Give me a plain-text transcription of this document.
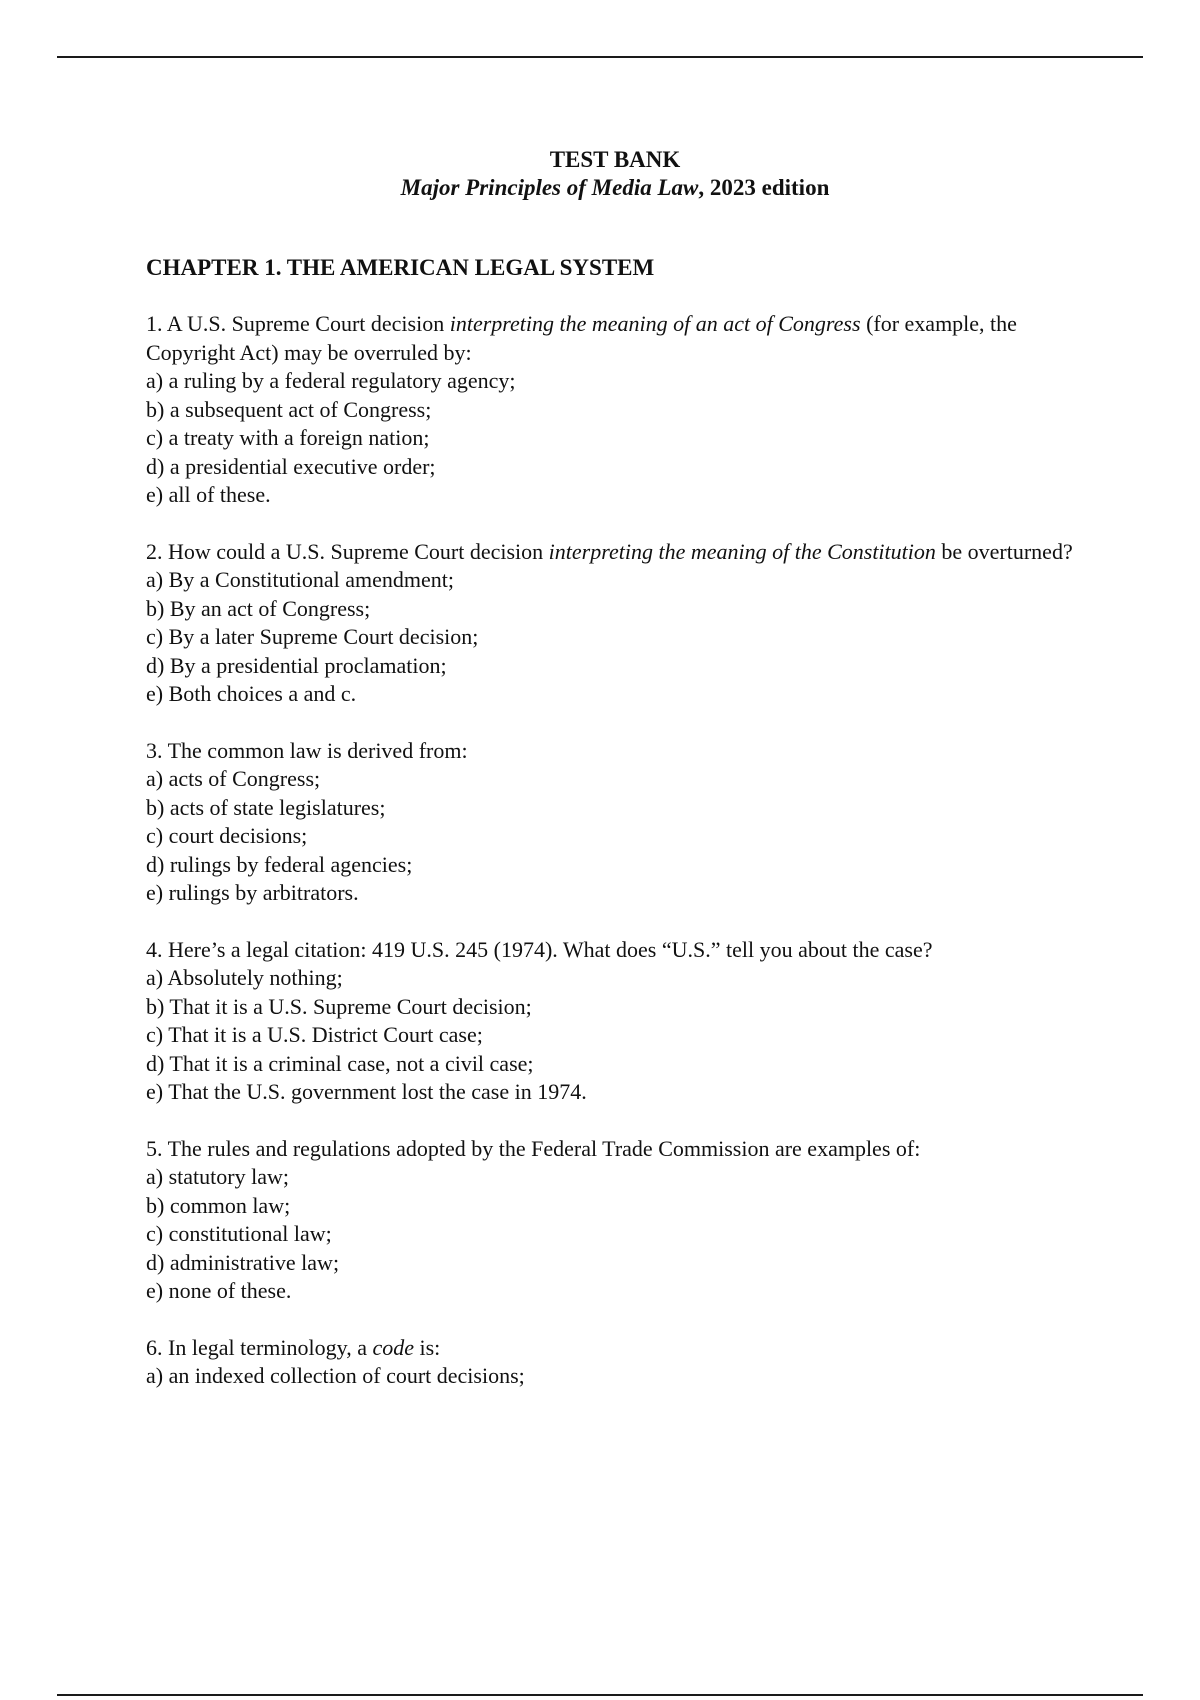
TEST BANK
Major Principles of Media Law, 2023 edition
CHAPTER 1. THE AMERICAN LEGAL SYSTEM
1. A U.S. Supreme Court decision interpreting the meaning of an act of Congress (for example, the Copyright Act) may be overruled by:
a) a ruling by a federal regulatory agency;
b) a subsequent act of Congress;
c) a treaty with a foreign nation;
d) a presidential executive order;
e) all of these.
2. How could a U.S. Supreme Court decision interpreting the meaning of the Constitution be overturned?
a) By a Constitutional amendment;
b) By an act of Congress;
c) By a later Supreme Court decision;
d) By a presidential proclamation;
e) Both choices a and c.
3. The common law is derived from:
a) acts of Congress;
b) acts of state legislatures;
c) court decisions;
d) rulings by federal agencies;
e) rulings by arbitrators.
4. Here’s a legal citation: 419 U.S. 245 (1974). What does “U.S.” tell you about the case?
a) Absolutely nothing;
b) That it is a U.S. Supreme Court decision;
c) That it is a U.S. District Court case;
d) That it is a criminal case, not a civil case;
e) That the U.S. government lost the case in 1974.
5. The rules and regulations adopted by the Federal Trade Commission are examples of:
a) statutory law;
b) common law;
c) constitutional law;
d) administrative law;
e) none of these.
6. In legal terminology, a code is:
a) an indexed collection of court decisions;
